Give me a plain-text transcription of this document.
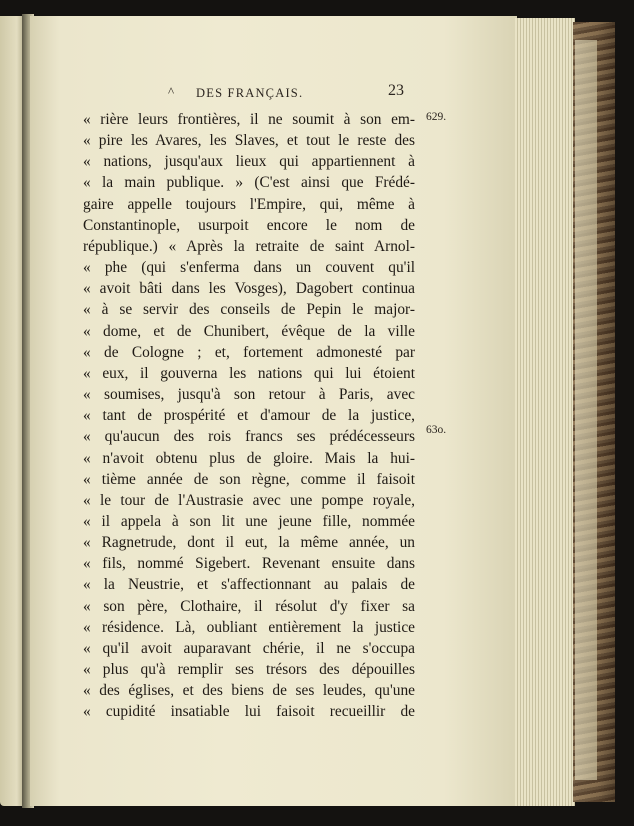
^ DES FRANÇAIS.	23
629.
63o.
« rière leurs frontières, il ne soumit à son em-
« pire les Avares, les Slaves, et tout le reste des
« nations, jusqu'aux lieux qui appartiennent à
« la main publique. » (C'est ainsi que Frédé-
gaire appelle toujours l'Empire, qui, même à
Constantinople, usurpoit encore le nom de
république.) « Après la retraite de saint Arnol-
« phe (qui s'enferma dans un couvent qu'il
« avoit bâti dans les Vosges), Dagobert continua
« à se servir des conseils de Pepin le major-
« dome, et de Chunibert, évêque de la ville
« de Cologne ; et, fortement admonesté par
« eux, il gouverna les nations qui lui étoient
« soumises, jusqu'à son retour à Paris, avec
« tant de prospérité et d'amour de la justice,
« qu'aucun des rois francs ses prédécesseurs
« n'avoit obtenu plus de gloire. Mais la hui-
« tième année de son règne, comme il faisoit
« le tour de l'Austrasie avec une pompe royale,
« il appela à son lit une jeune fille, nommée
« Ragnetrude, dont il eut, la même année, un
« fils, nommé Sigebert. Revenant ensuite dans
« la Neustrie, et s'affectionnant au palais de
« son père, Clothaire, il résolut d'y fixer sa
« résidence. Là, oubliant entièrement la justice
« qu'il avoit auparavant chérie, il ne s'occupa
« plus qu'à remplir ses trésors des dépouilles
« des églises, et des biens de ses leudes, qu'une
« cupidité insatiable lui faisoit recueillir de
